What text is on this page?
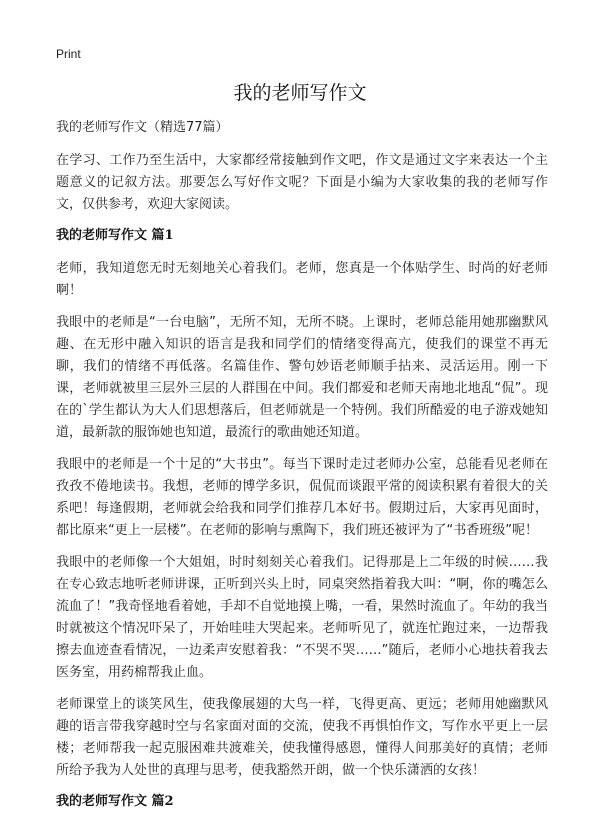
Print
我的老师写作文

我的老师写作文（精选77篇）

在学习、工作乃至生活中，大家都经常接触到作文吧，作文是通过文字来表达一个主题意义的记叙方法。那要怎么写好作文呢？下面是小编为大家收集的我的老师写作文，仅供参考，欢迎大家阅读。

我的老师写作文 篇1

老师，我知道您无时无刻地关心着我们。老师，您真是一个体贴学生、时尚的好老师啊！

我眼中的老师是“一台电脑”，无所不知，无所不晓。上课时，老师总能用她那幽默风趣、在无形中融入知识的语言是我和同学们的情绪变得高亢，使我们的课堂不再无聊，我们的情绪不再低落。名篇佳作、警句妙语老师顺手拈来、灵活运用。刚一下课，老师就被里三层外三层的人群围在中间。我们都爱和老师天南地北地乱“侃”。现在的`学生都认为大人们思想落后，但老师就是一个特例。我们所酷爱的电子游戏她知道，最新款的服饰她也知道，最流行的歌曲她还知道。

我眼中的老师是一个十足的“大书虫”。每当下课时走过老师办公室，总能看见老师在孜孜不倦地读书。我想，老师的博学多识，侃侃而谈跟平常的阅读积累有着很大的关系吧！每逢假期，老师就会给我和同学们推荐几本好书。假期过后，大家再见面时，都比原来“更上一层楼”。在老师的影响与熏陶下，我们班还被评为了“书香班级”呢！

我眼中的老师像一个大姐姐，时时刻刻关心着我们。记得那是上二年级的时候……我在专心致志地听老师讲课，正听到兴头上时，同桌突然指着我大叫：“啊，你的嘴怎么流血了！”我奇怪地看着她，手却不自觉地摸上嘴，一看，果然时流血了。年幼的我当时就被这个情况吓呆了，开始哇哇大哭起来。老师听见了，就连忙跑过来，一边帮我擦去血迹查看情况，一边柔声安慰着我：“不哭不哭……”随后，老师小心地扶着我去医务室，用药棉帮我止血。

老师课堂上的谈笑风生，使我像展翅的大鸟一样，飞得更高、更远；老师用她幽默风趣的语言带我穿越时空与名家面对面的交流，使我不再惧怕作文，写作水平更上一层楼；老师帮我一起克服困难共渡难关，使我懂得感恩，懂得人间那美好的真情；老师所给予我为人处世的真理与思考，使我豁然开朗，做一个快乐潇洒的女孩！

我的老师写作文 篇2
